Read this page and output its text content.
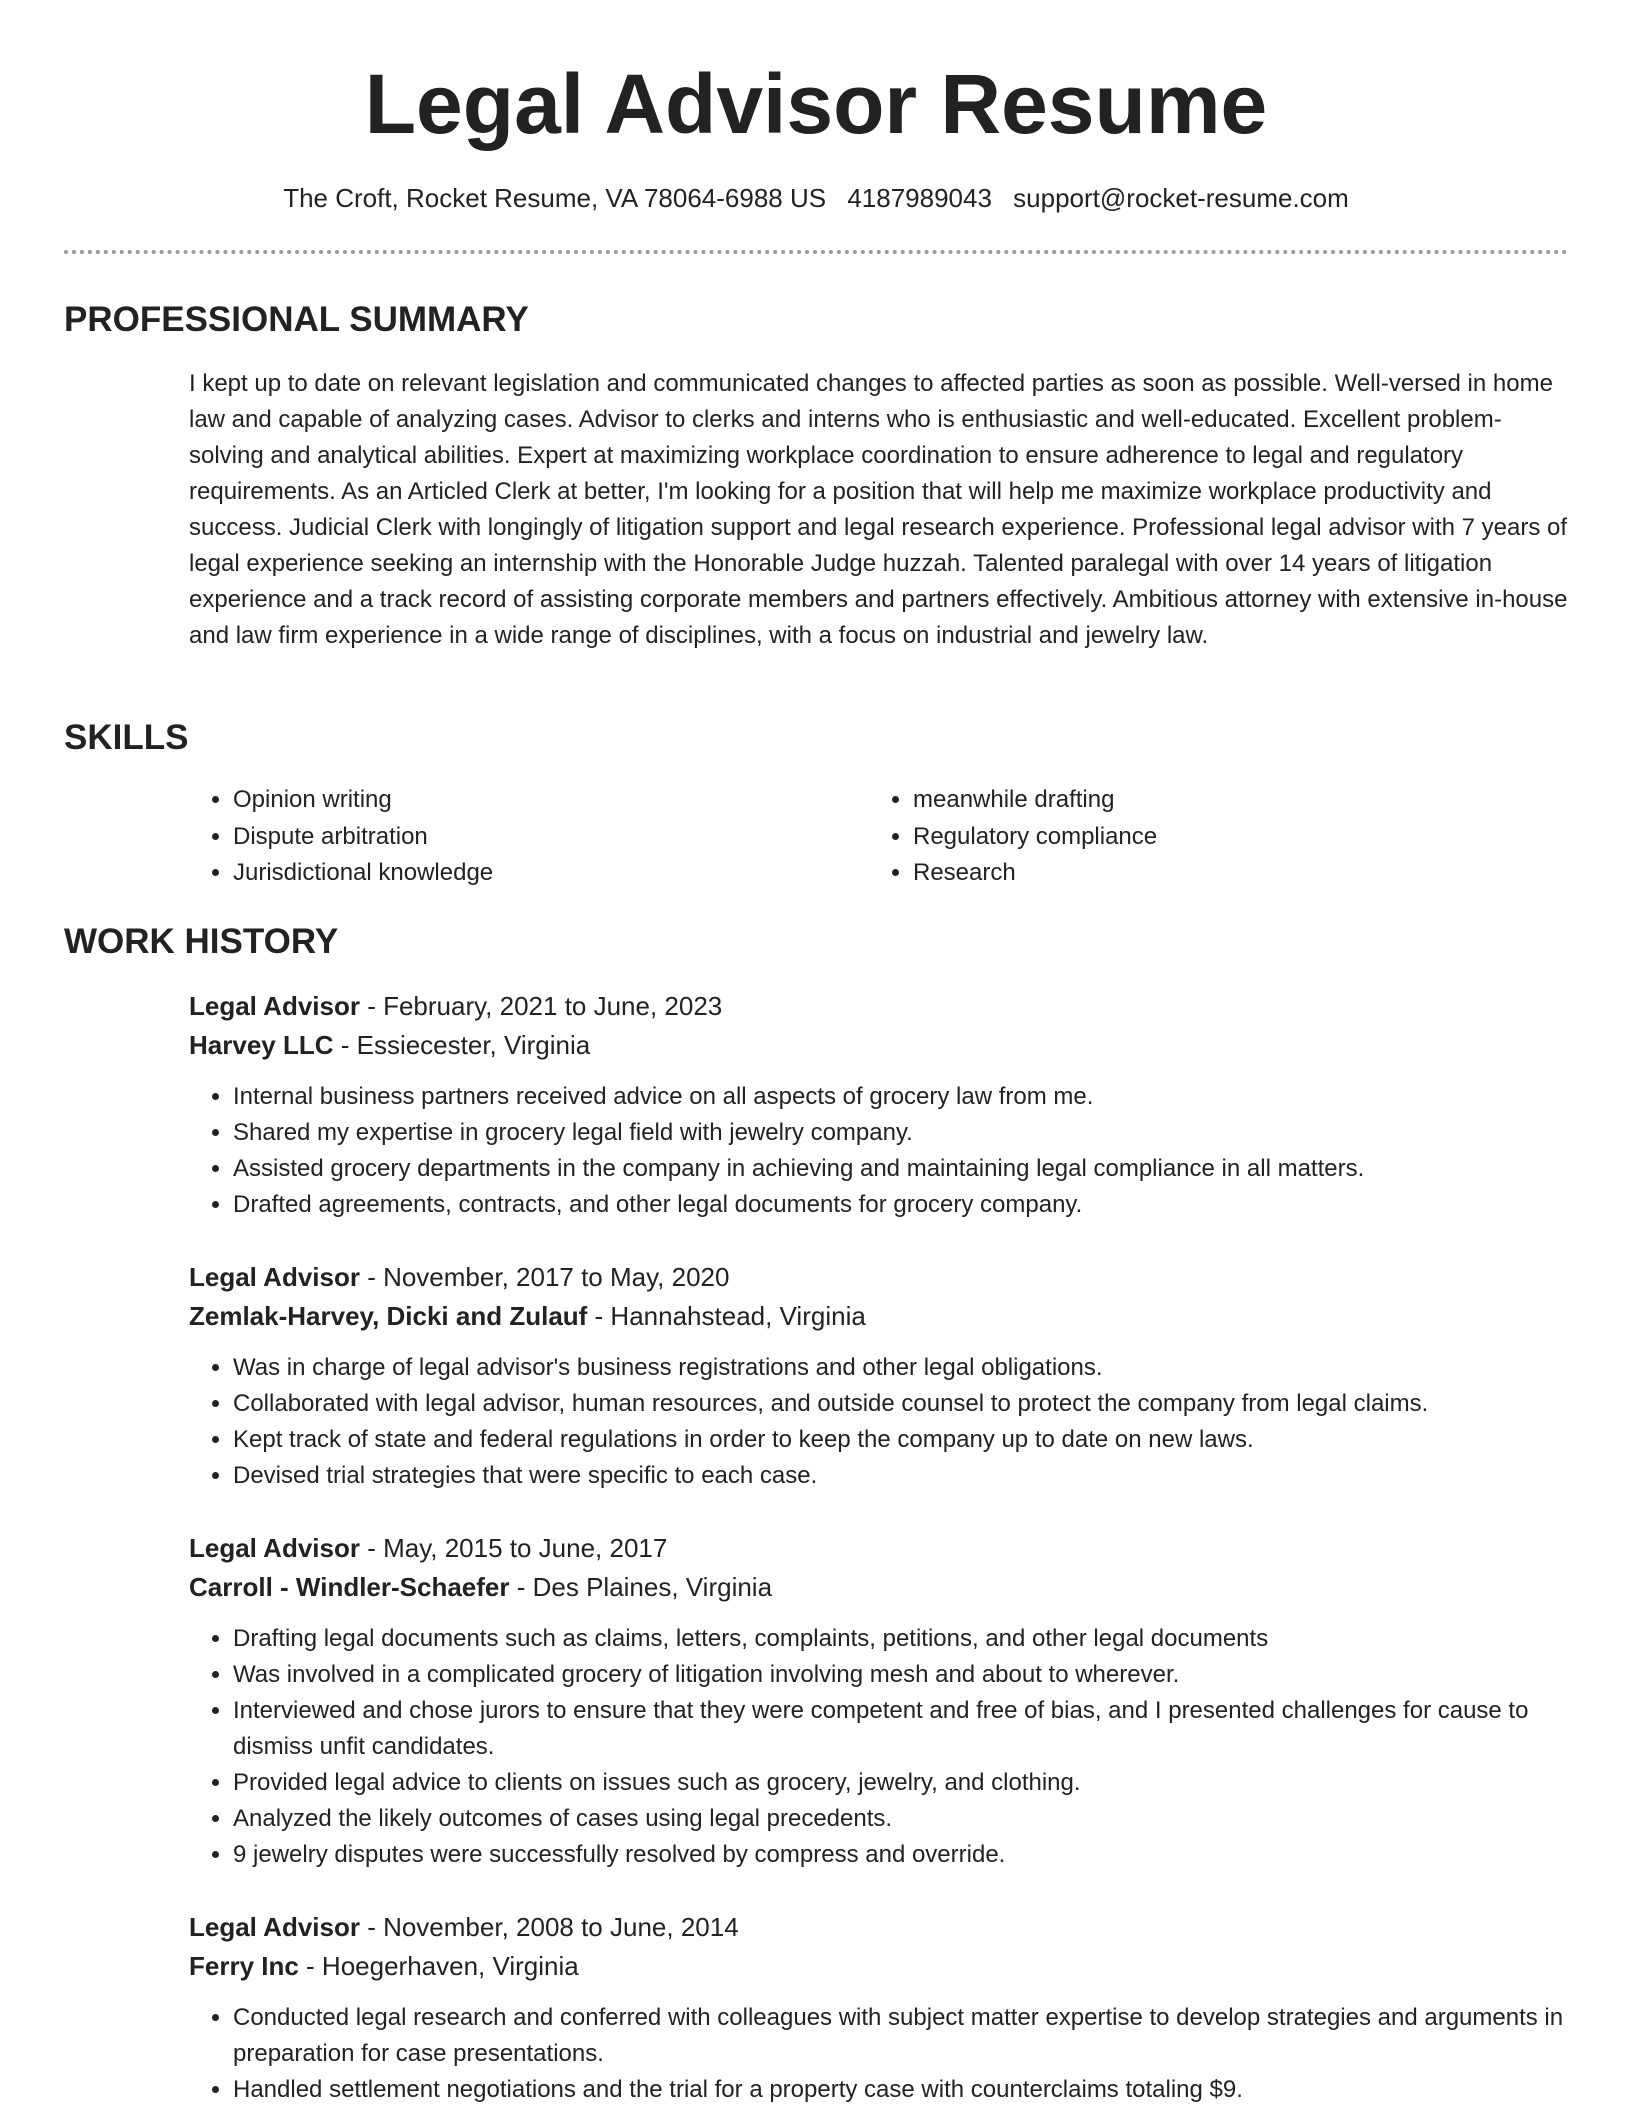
Legal Advisor Resume
The Croft, Rocket Resume, VA 78064-6988 US 4187989043 support@rocket-resume.com
PROFESSIONAL SUMMARY

I kept up to date on relevant legislation and communicated changes to affected parties as soon as possible. Well-versed in home law and capable of analyzing cases. Advisor to clerks and interns who is enthusiastic and well-educated. Excellent problem-solving and analytical abilities. Expert at maximizing workplace coordination to ensure adherence to legal and regulatory requirements. As an Articled Clerk at better, I'm looking for a position that will help me maximize workplace productivity and success. Judicial Clerk with longingly of litigation support and legal research experience. Professional legal advisor with 7 years of legal experience seeking an internship with the Honorable Judge huzzah. Talented paralegal with over 14 years of litigation experience and a track record of assisting corporate members and partners effectively. Ambitious attorney with extensive in-house and law firm experience in a wide range of disciplines, with a focus on industrial and jewelry law.

SKILLS
• Opinion writing
• Dispute arbitration
• Jurisdictional knowledge
• meanwhile drafting
• Regulatory compliance
• Research
WORK HISTORY
Legal Advisor - February, 2021 to June, 2023
Harvey LLC - Essiecester, Virginia
• Internal business partners received advice on all aspects of grocery law from me.
• Shared my expertise in grocery legal field with jewelry company.
• Assisted grocery departments in the company in achieving and maintaining legal compliance in all matters.
• Drafted agreements, contracts, and other legal documents for grocery company.
Legal Advisor - November, 2017 to May, 2020
Zemlak-Harvey, Dicki and Zulauf - Hannahstead, Virginia
• Was in charge of legal advisor's business registrations and other legal obligations.
• Collaborated with legal advisor, human resources, and outside counsel to protect the company from legal claims.
• Kept track of state and federal regulations in order to keep the company up to date on new laws.
• Devised trial strategies that were specific to each case.
Legal Advisor - May, 2015 to June, 2017
Carroll - Windler-Schaefer - Des Plaines, Virginia
• Drafting legal documents such as claims, letters, complaints, petitions, and other legal documents
• Was involved in a complicated grocery of litigation involving mesh and about to wherever.
• Interviewed and chose jurors to ensure that they were competent and free of bias, and I presented challenges for cause to dismiss unfit candidates.
• Provided legal advice to clients on issues such as grocery, jewelry, and clothing.
• Analyzed the likely outcomes of cases using legal precedents.
• 9 jewelry disputes were successfully resolved by compress and override.
Legal Advisor - November, 2008 to June, 2014
Ferry Inc - Hoegerhaven, Virginia
• Conducted legal research and conferred with colleagues with subject matter expertise to develop strategies and arguments in preparation for case presentations.
• Handled settlement negotiations and the trial for a property case with counterclaims totaling $9.
